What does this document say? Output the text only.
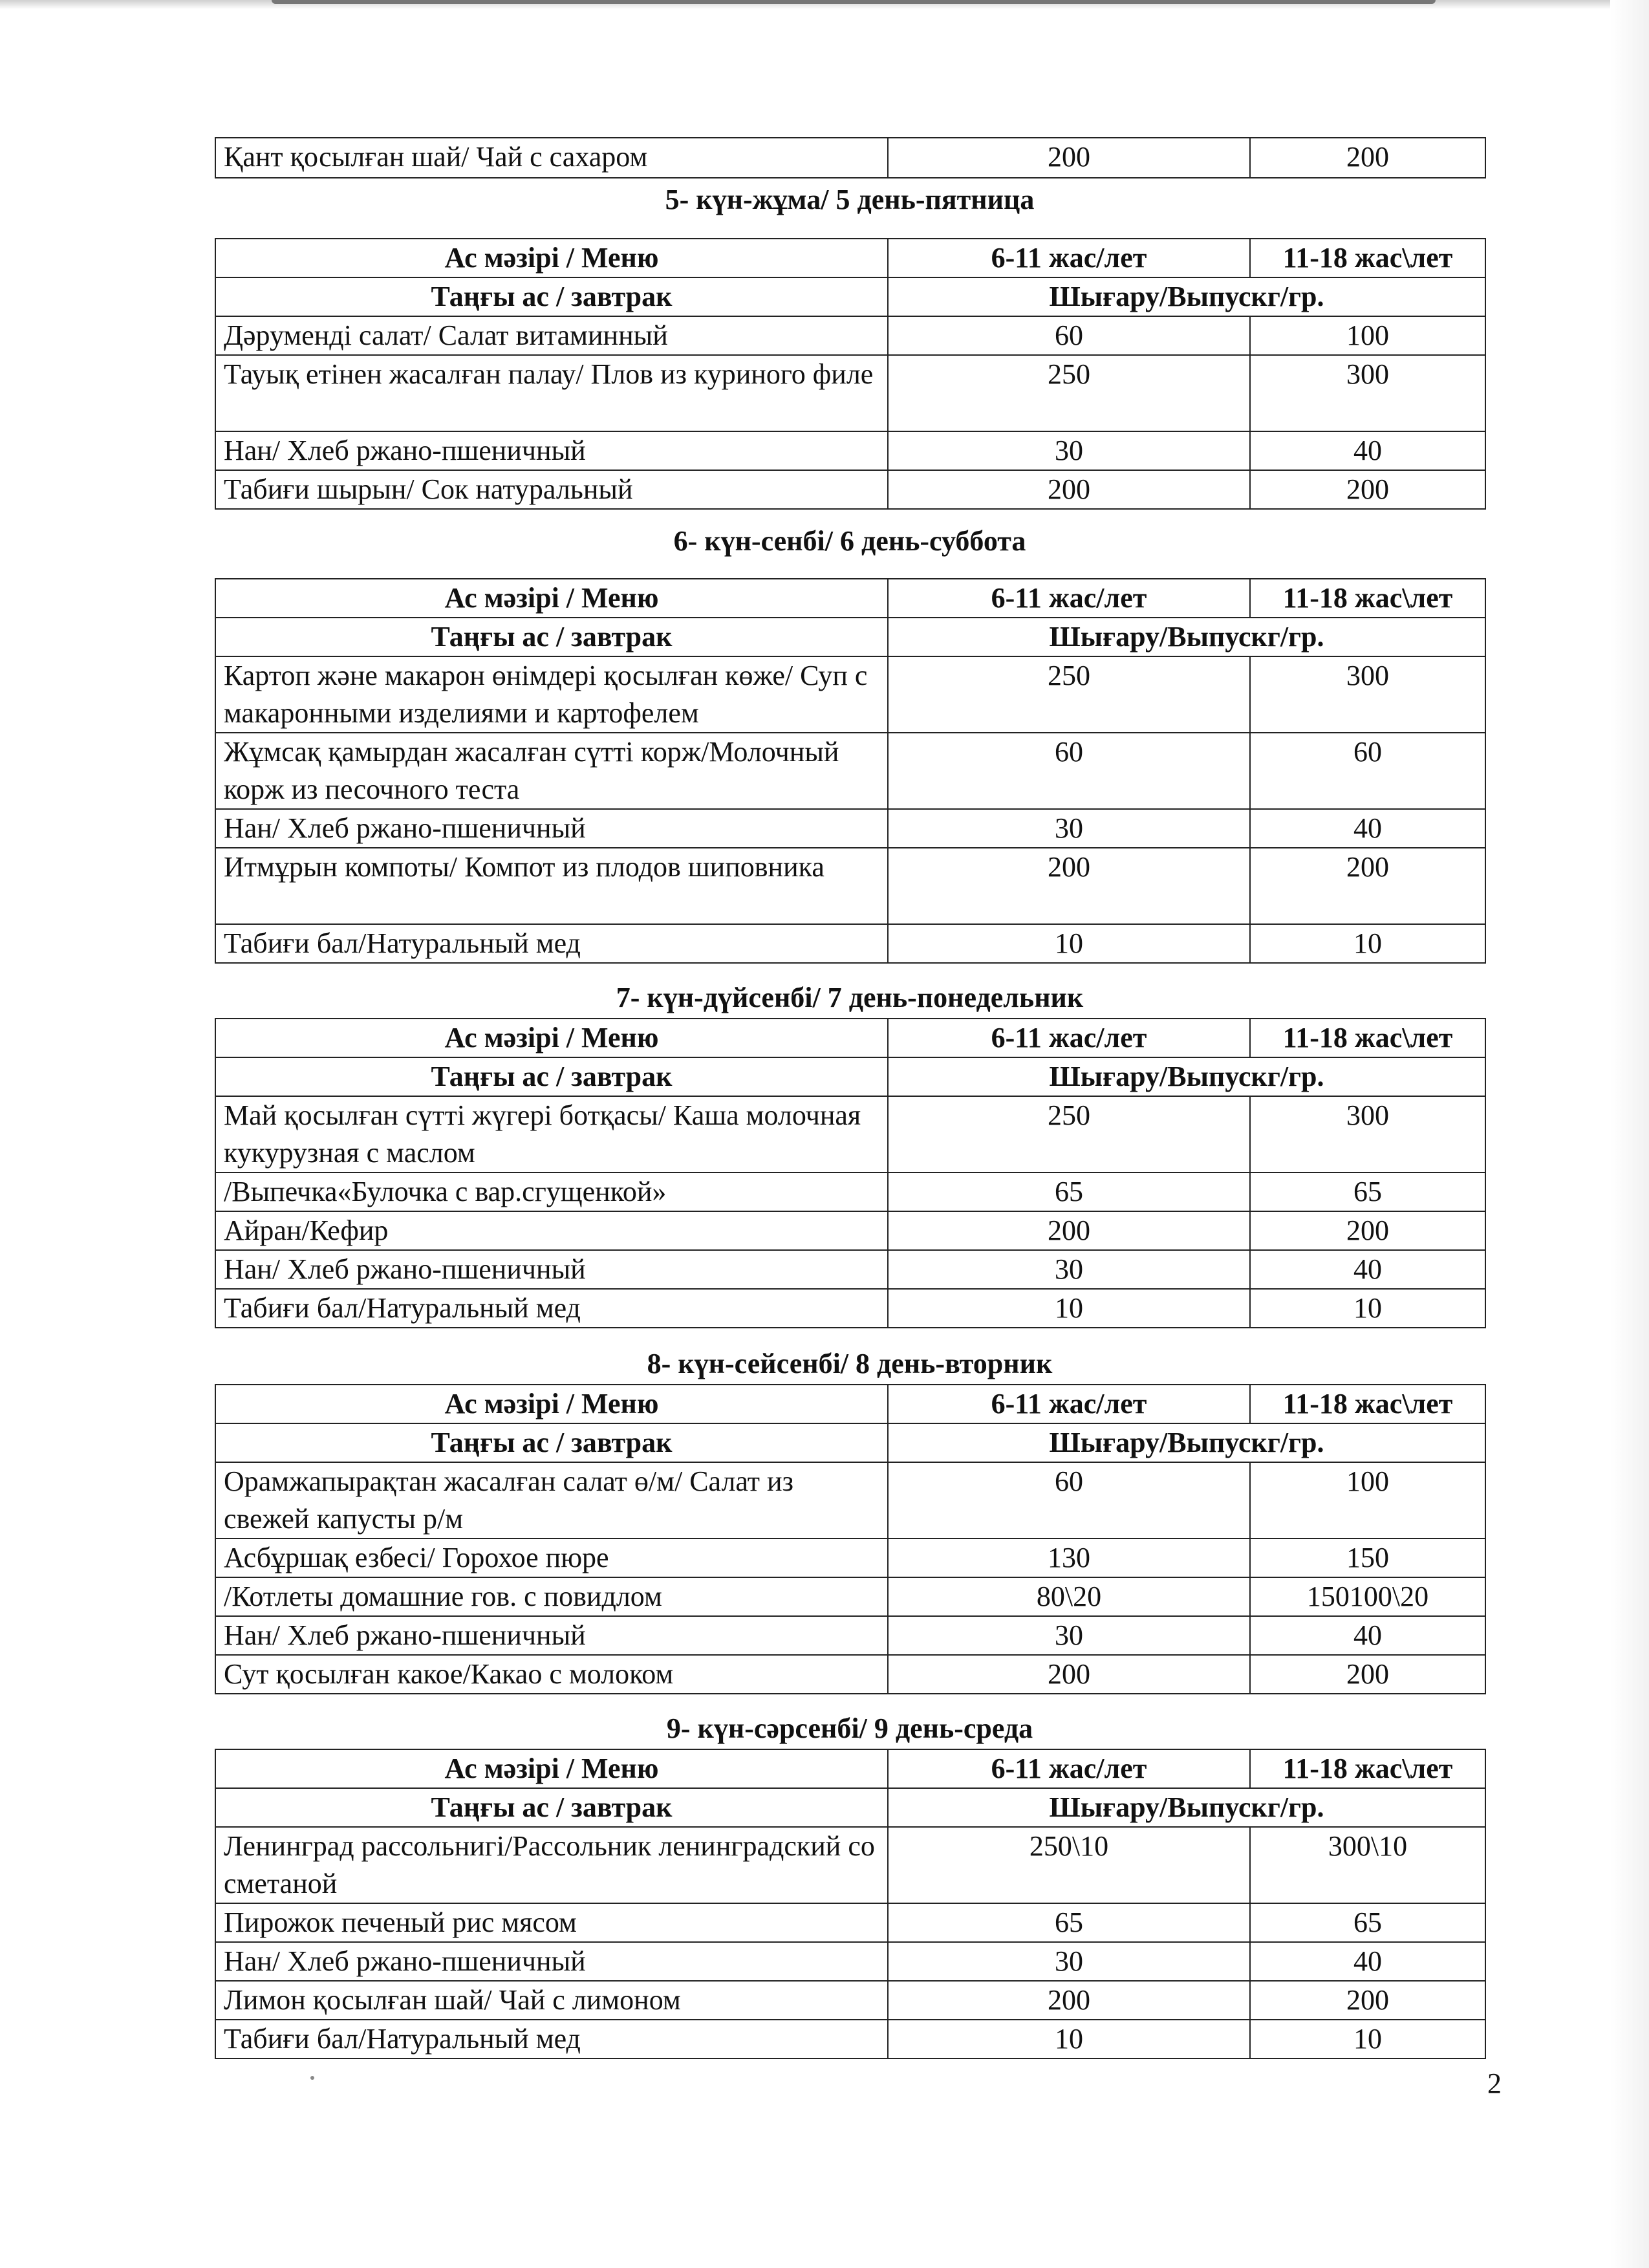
Қант қосылған шай/ Чай с сахаром	200	200
5- күн-жұма/ 5 день-пятница
Ас мәзірі / Меню	6-11 жас/лет	11-18 жас\лет
Таңғы ас / завтрак	Шығару/Выпускг/гр.	
Дәрумендi салат/ Салат витаминный	60	100
Тауық етінен жасалған палау/ Плов из куриного филе	250	300
Нан/ Хлеб ржано-пшеничный	30	40
Табиғи шырын/ Сок натуральный	200	200
6- күн-сенбі/ 6 день-суббота
Ас мәзірі / Меню	6-11 жас/лет	11-18 жас\лет
Таңғы ас / завтрак	Шығару/Выпускг/гр.	
Картоп және макарон өнімдері қосылған көже/ Суп с макаронными изделиями и картофелем	250	300
Жұмсақ қамырдан жасалған сүтті корж/Молочный корж из песочного теста	60	60
Нан/ Хлеб ржано-пшеничный	30	40
Итмұрын компоты/ Компот из плодов шиповника	200	200
Табиғи бал/Натуральный мед	10	10
7- күн-дүйсенбі/ 7 день-понедельник
Ас мәзірі / Меню	6-11 жас/лет	11-18 жас\лет
Таңғы ас / завтрак	Шығару/Выпускг/гр.	
Май қосылған сүтті жүгері ботқасы/ Каша молочная кукурузная с маслом	250	300
/Выпечка«Булочка с вар.сгущенкой»	65	65
Айран/Кефир	200	200
Нан/ Хлеб ржано-пшеничный	30	40
Табиғи бал/Натуральный мед	10	10
8- күн-сейсенбі/ 8 день-вторник
Ас мәзірі / Меню	6-11 жас/лет	11-18 жас\лет
Таңғы ас / завтрак	Шығару/Выпускг/гр.	
Орамжапырақтан жасалған салат ө/м/ Салат из свежей капусты р/м	60	100
Асбұршақ езбесі/ Горохое пюре	130	150
/Котлеты домашние гов. с повидлом	80\20	150100\20
Нан/ Хлеб ржано-пшеничный	30	40
Сут қосылған какое/Какао с молоком	200	200
9- күн-сәрсенбі/ 9 день-среда
Ас мәзірі / Меню	6-11 жас/лет	11-18 жас\лет
Таңғы ас / завтрак	Шығару/Выпускг/гр.	
Ленинград рассольнигі/Рассольник ленинградский со сметаной	250\10	300\10
Пирожок печеный рис мясом	65	65
Нан/ Хлеб ржано-пшеничный	30	40
Лимон қосылған шай/ Чай с лимоном	200	200
Табиғи бал/Натуральный мед	10	10
2
